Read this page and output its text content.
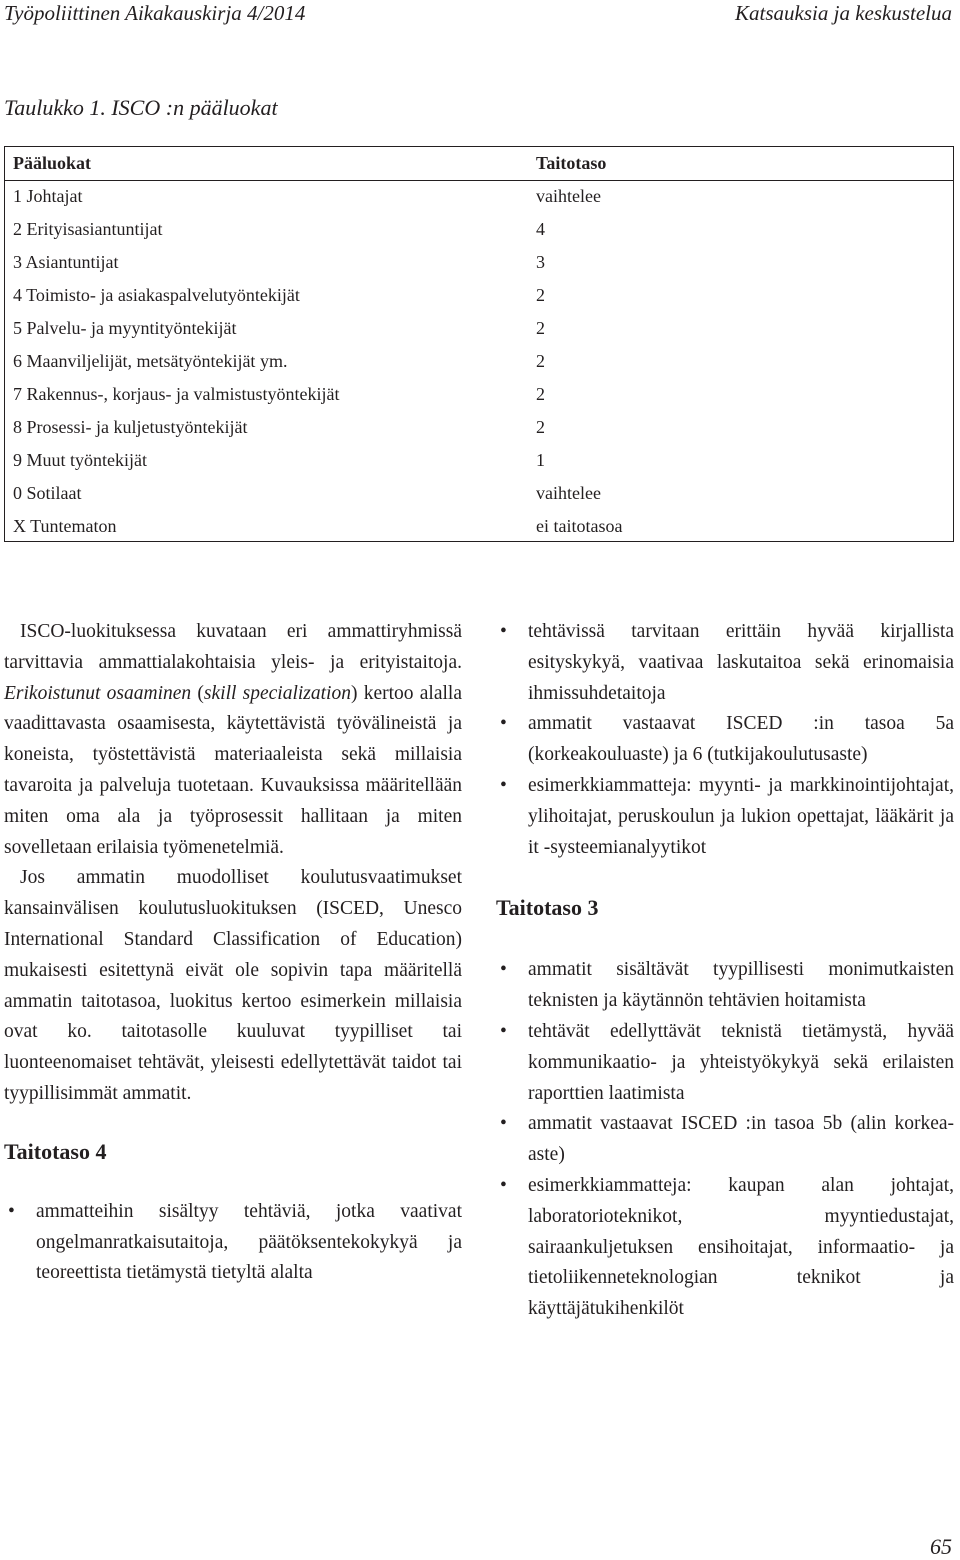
Työpoliittinen Aikakauskirja 4/2014	Katsauksia ja keskustelua
Taulukko 1. ISCO :n pääluokat
Pääluokat	Taitotaso
1 Johtajat	vaihtelee
2 Erityisasiantuntijat	4
3 Asiantuntijat	3
4 Toimisto- ja asiakaspalvelutyöntekijät	2
5 Palvelu- ja myyntityöntekijät	2
6 Maanviljelijät, metsätyöntekijät ym.	2
7 Rakennus-, korjaus- ja valmistustyöntekijät	2
8 Prosessi- ja kuljetustyöntekijät	2
9 Muut työntekijät	1
0 Sotilaat	vaihtelee
X Tuntematon	ei taitotasoa

ISCO-luokituksessa kuvataan eri ammattiryhmissä tarvittavia ammattialakohtaisia yleis- ja erityistaitoja. Erikoistunut osaaminen (skill specialization) kertoo alalla vaadittavasta osaamisesta, käytettävistä työvälineistä ja koneista, työstettävistä materiaaleista sekä millaisia tavaroita ja palveluja tuotetaan. Kuvauksissa määritellään miten oma ala ja työprosessit hallitaan ja miten sovelletaan erilaisia työmenetelmiä.

Jos ammatin muodolliset koulutusvaatimukset kansainvälisen koulutusluokituksen (ISCED, Unesco International Standard Classification of Education) mukaisesti esitettynä eivät ole sopivin tapa määritellä ammatin taitotasoa, luokitus kertoo esimerkein millaisia ovat ko. taitotasolle kuuluvat tyypilliset tai luonteenomaiset tehtävät, yleisesti edellytettävät taidot tai tyypillisimmät ammatit.

Taitotaso 4
• ammatteihin sisältyy tehtäviä, jotka vaativat ongelmanratkaisutaitoja, päätöksentekokykyä ja teoreettista tietämystä tietyltä alalta
• tehtävissä tarvitaan erittäin hyvää kirjallista esityskykyä, vaativaa laskutaitoa sekä erinomaisia ihmissuhdetaitoja
• ammatit vastaavat ISCED :in tasoa 5a (korkeakouluaste) ja 6 (tutkijakoulutusaste)
• esimerkkiammatteja: myynti- ja markkinointijohtajat, ylihoitajat, peruskoulun ja lukion opettajat, lääkärit ja it -systeemianalyytikot
Taitotaso 3
• ammatit sisältävät tyypillisesti monimutkaisten teknisten ja käytännön tehtävien hoitamista
• tehtävät edellyttävät teknistä tietämystä, hyvää kommunikaatio- ja yhteistyökykyä sekä erilaisten raporttien laatimista
• ammatit vastaavat ISCED :in tasoa 5b (alin korkea-aste)
• esimerkkiammatteja: kaupan alan johtajat, laboratorioteknikot, myyntiedustajat, sairaankuljetuksen ensihoitajat, informaatio- ja tietoliikenneteknologian teknikot ja käyttäjätukihenkilöt
65
